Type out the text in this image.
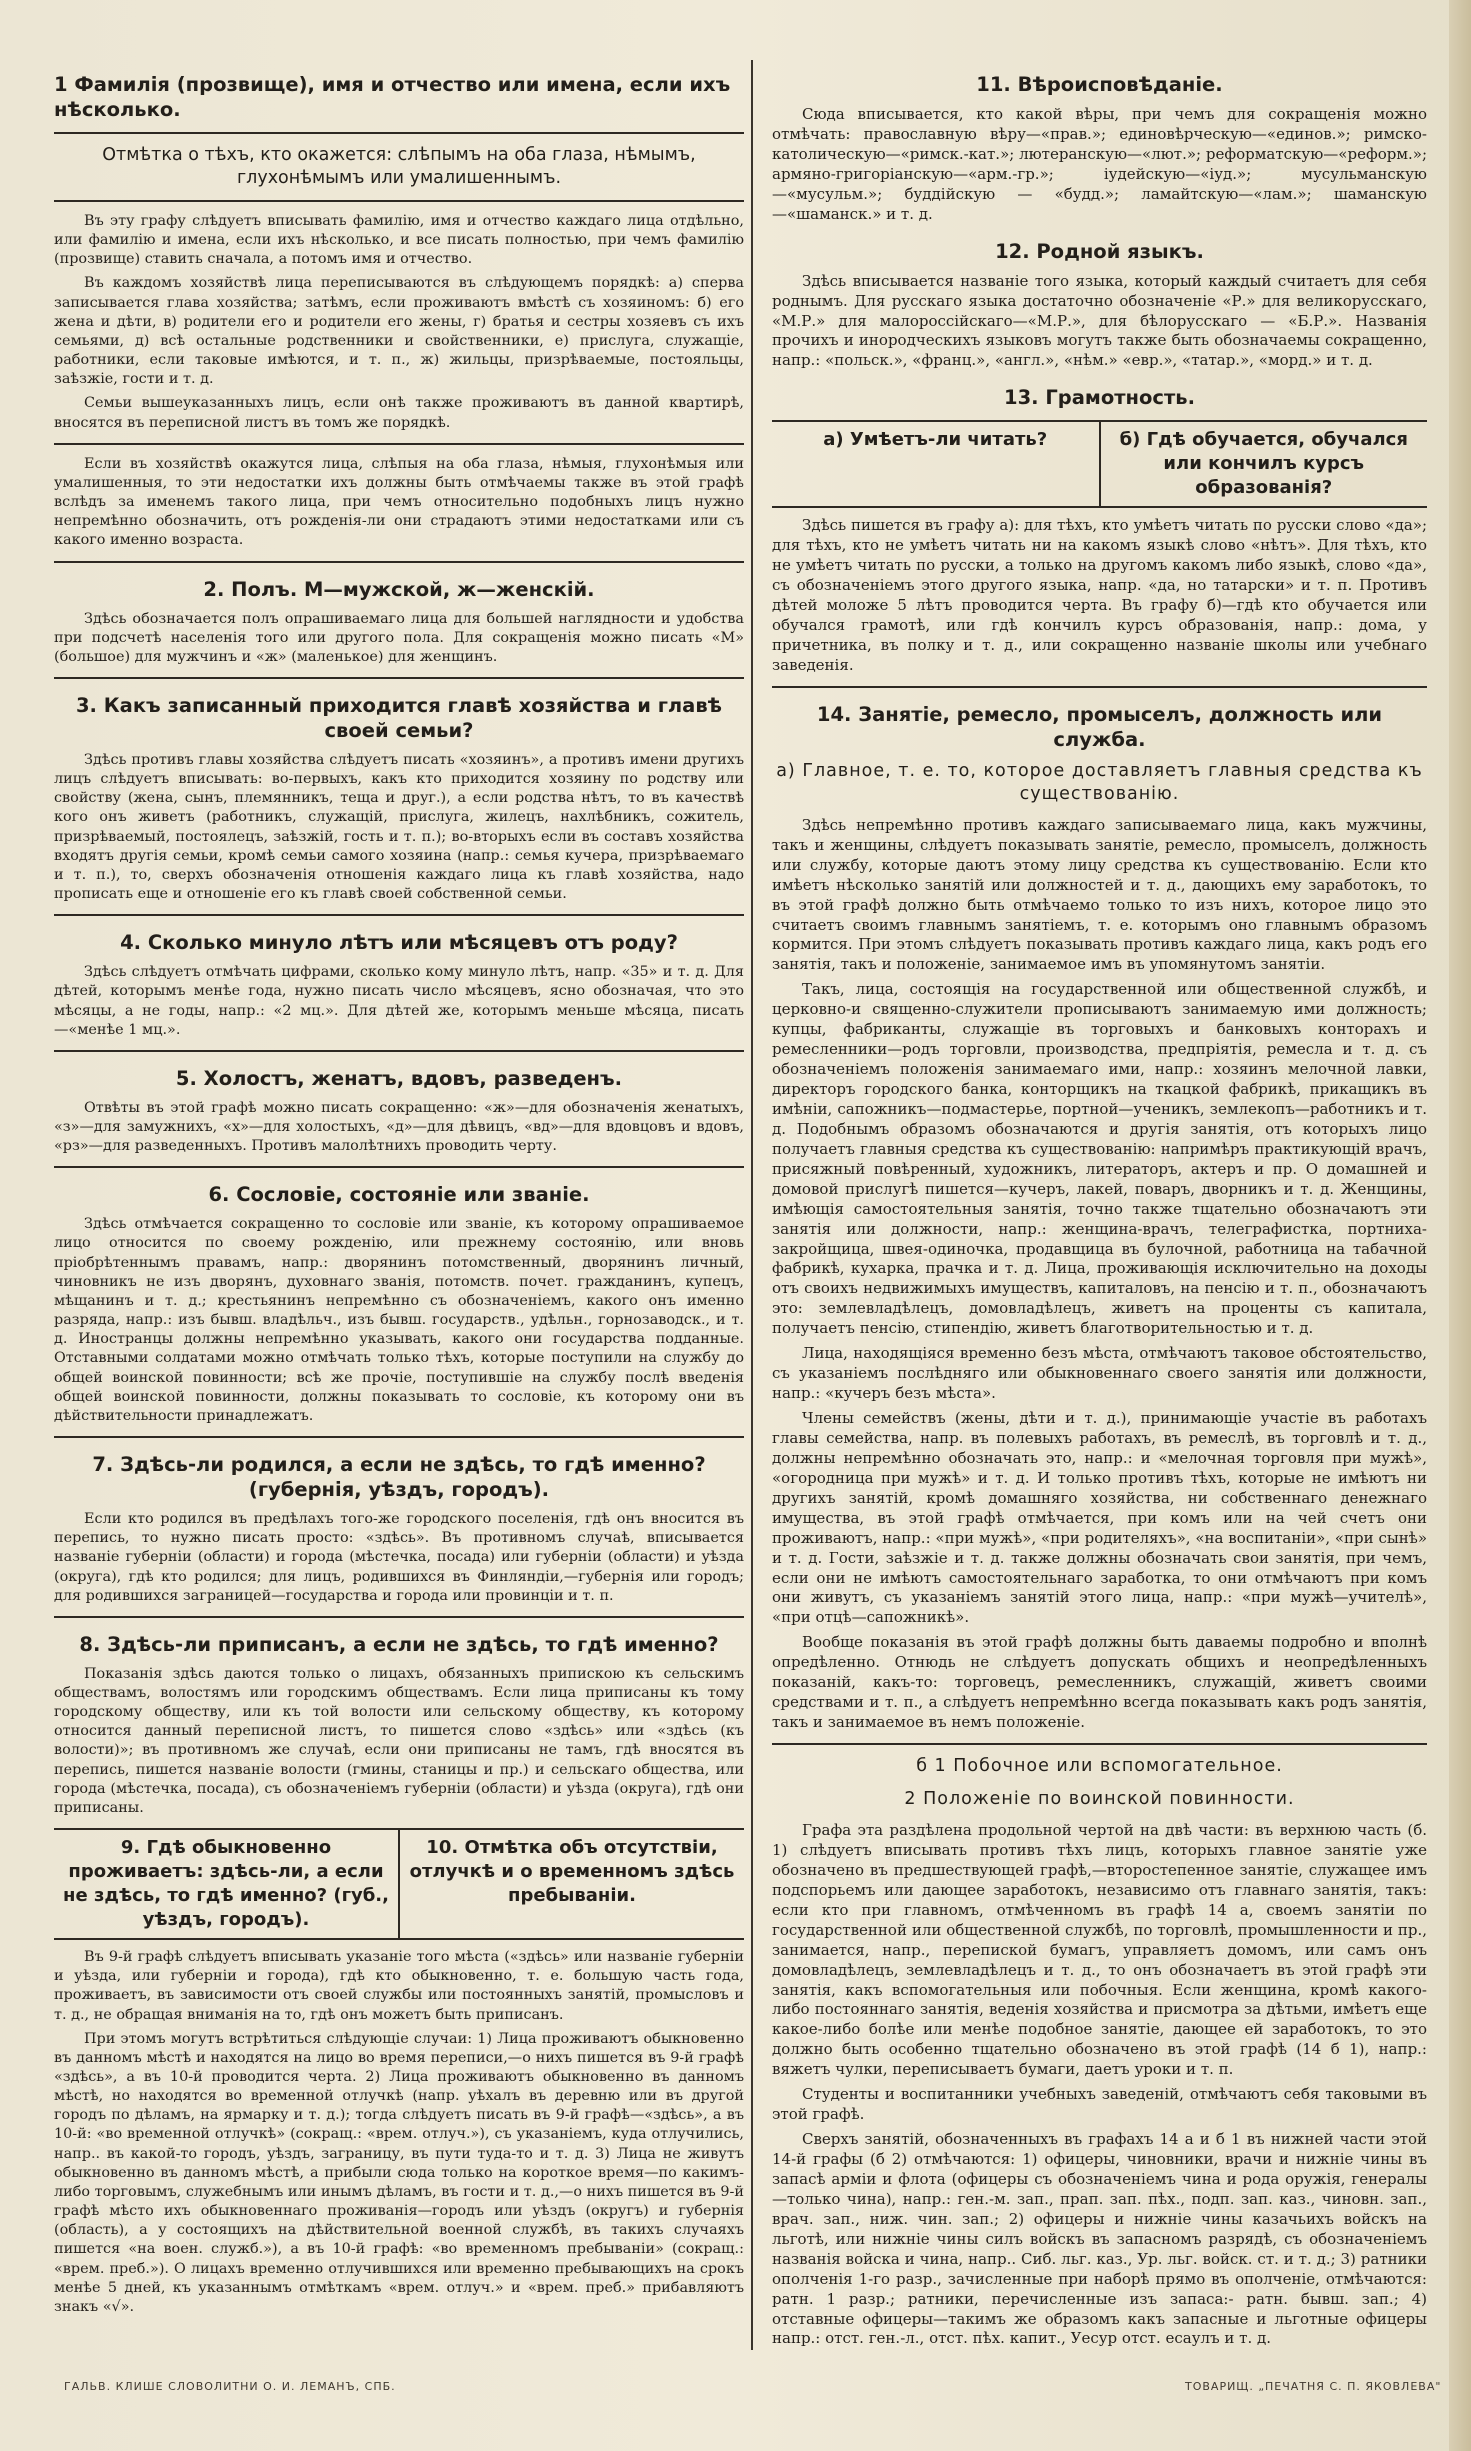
1 Фамилія (прозвище), имя и отчество или имена, если ихъ нѣсколько.
Отмѣтка о тѣхъ, кто окажется: слѣпымъ на оба глаза, нѣмымъ, глухонѣмымъ или умалишеннымъ.

Въ эту графу слѣдуетъ вписывать фамилію, имя и отчество каждаго лица отдѣльно, или фамилію и имена, если ихъ нѣсколько, и все писать полностью, при чемъ фамилію (прозвище) ставить сначала, а потомъ имя и отчество.

Въ каждомъ хозяйствѣ лица переписываются въ слѣдующемъ порядкѣ: а) сперва записывается глава хозяйства; затѣмъ, если проживаютъ вмѣстѣ съ хозяиномъ: б) его жена и дѣти, в) родители его и родители его жены, г) братья и сестры хозяевъ съ ихъ семьями, д) всѣ остальные родственники и свойственники, е) прислуга, служащіе, работники, если таковые имѣются, и т. п., ж) жильцы, призрѣваемые, постояльцы, заѣзжіе, гости и т. д.

Семьи вышеуказанныхъ лицъ, если онѣ также проживаютъ въ данной квартирѣ, вносятся въ переписной листъ въ томъ же порядкѣ.

Если въ хозяйствѣ окажутся лица, слѣпыя на оба глаза, нѣмыя, глухонѣмыя или умалишенныя, то эти недостатки ихъ должны быть отмѣчаемы также въ этой графѣ вслѣдъ за именемъ такого лица, при чемъ относительно подобныхъ лицъ нужно непремѣнно обозначить, отъ рожденія-ли они страдаютъ этими недостатками или съ какого именно возраста.

2. Полъ. М—мужской, ж—женскій.

Здѣсь обозначается полъ опрашиваемаго лица для большей наглядности и удобства при подсчетѣ населенія того или другого пола. Для сокращенія можно писать «М» (большое) для мужчинъ и «ж» (маленькое) для женщинъ.

3. Какъ записанный приходится главѣ хозяйства и главѣ своей семьи?

Здѣсь противъ главы хозяйства слѣдуетъ писать «хозяинъ», а противъ имени другихъ лицъ слѣдуетъ вписывать: во-первыхъ, какъ кто приходится хозяину по родству или свойству (жена, сынъ, племянникъ, теща и друг.), а если родства нѣтъ, то въ качествѣ кого онъ живетъ (работникъ, служащій, прислуга, жилецъ, нахлѣбникъ, сожитель, призрѣваемый, постоялецъ, заѣзжій, гость и т. п.); во-вторыхъ если въ составъ хозяйства входятъ другія семьи, кромѣ семьи самого хозяина (напр.: семья кучера, призрѣваемаго и т. п.), то, сверхъ обозначенія отношенія каждаго лица къ главѣ хозяйства, надо прописать еще и отношеніе его къ главѣ своей собственной семьи.

4. Сколько минуло лѣтъ или мѣсяцевъ отъ роду?

Здѣсь слѣдуетъ отмѣчать цифрами, сколько кому минуло лѣтъ, напр. «35» и т. д. Для дѣтей, которымъ менѣе года, нужно писать число мѣсяцевъ, ясно обозначая, что это мѣсяцы, а не годы, напр.: «2 мц.». Для дѣтей же, которымъ меньше мѣсяца, писать—«менѣе 1 мц.».

5. Холостъ, женатъ, вдовъ, разведенъ.

Отвѣты въ этой графѣ можно писать сокращенно: «ж»—для обозначенія женатыхъ, «з»—для замужнихъ, «х»—для холостыхъ, «д»—для дѣвицъ, «вд»—для вдовцовъ и вдовъ, «рз»—для разведенныхъ. Противъ малолѣтнихъ проводить черту.

6. Сословіе, состояніе или званіе.

Здѣсь отмѣчается сокращенно то сословіе или званіе, къ которому опрашиваемое лицо относится по своему рожденію, или прежнему состоянію, или вновь пріобрѣтеннымъ правамъ, напр.: дворянинъ потомственный, дворянинъ личный, чиновникъ не изъ дворянъ, духовнаго званія, потомств. почет. гражданинъ, купецъ, мѣщанинъ и т. д.; крестьянинъ непремѣнно съ обозначеніемъ, какого онъ именно разряда, напр.: изъ бывш. владѣльч., изъ бывш. государств., удѣльн., горнозаводск., и т. д. Иностранцы должны непремѣнно указывать, какого они государства подданные. Отставными солдатами можно отмѣчать только тѣхъ, которые поступили на службу до общей воинской повинности; всѣ же прочіе, поступившіе на службу послѣ введенія общей воинской повинности, должны показывать то сословіе, къ которому они въ дѣйствительности принадлежатъ.

7. Здѣсь-ли родился, а если не здѣсь, то гдѣ именно? (губернія, уѣздъ, городъ).

Если кто родился въ предѣлахъ того-же городского поселенія, гдѣ онъ вносится въ перепись, то нужно писать просто: «здѣсь». Въ противномъ случаѣ, вписывается названіе губерніи (области) и города (мѣстечка, посада) или губерніи (области) и уѣзда (округа), гдѣ кто родился; для лицъ, родившихся въ Финляндіи,—губернія или городъ; для родившихся заграницей—государства и города или провинціи и т. п.

8. Здѣсь-ли приписанъ, а если не здѣсь, то гдѣ именно?

Показанія здѣсь даются только о лицахъ, обязанныхъ припискою къ сельскимъ обществамъ, волостямъ или городскимъ обществамъ. Если лица приписаны къ тому городскому обществу, или къ той волости или сельскому обществу, къ которому относится данный переписной листъ, то пишется слово «здѣсь» или «здѣсь (къ волости)»; въ противномъ же случаѣ, если они приписаны не тамъ, гдѣ вносятся въ перепись, пишется названіе волости (гмины, станицы и пр.) и сельскаго общества, или города (мѣстечка, посада), съ обозначеніемъ губерніи (области) и уѣзда (округа), гдѣ они приписаны.

9. Гдѣ обыкновенно проживаетъ: здѣсь-ли, а если не здѣсь, то гдѣ именно? (губ., уѣздъ, городъ).
10. Отмѣтка объ отсутствіи, отлучкѣ и о временномъ здѣсь пребываніи.

Въ 9-й графѣ слѣдуетъ вписывать указаніе того мѣста («здѣсь» или названіе губерніи и уѣзда, или губерніи и города), гдѣ кто обыкновенно, т. е. большую часть года, проживаетъ, въ зависимости отъ своей службы или постоянныхъ занятій, промысловъ и т. д., не обращая вниманія на то, гдѣ онъ можетъ быть приписанъ.

При этомъ могутъ встрѣтиться слѣдующіе случаи: 1) Лица проживаютъ обыкновенно въ данномъ мѣстѣ и находятся на лицо во время переписи,—о нихъ пишется въ 9-й графѣ «здѣсь», а въ 10-й проводится черта. 2) Лица проживаютъ обыкновенно въ данномъ мѣстѣ, но находятся во временной отлучкѣ (напр. уѣхалъ въ деревню или въ другой городъ по дѣламъ, на ярмарку и т. д.); тогда слѣдуетъ писать въ 9-й графѣ—«здѣсь», а въ 10-й: «во временной отлучкѣ» (сокращ.: «врем. отлуч.»), съ указаніемъ, куда отлучились, напр.. въ какой-то городъ, уѣздъ, заграницу, въ пути туда-то и т. д. 3) Лица не живутъ обыкновенно въ данномъ мѣстѣ, а прибыли сюда только на короткое время—по какимъ-либо торговымъ, служебнымъ или инымъ дѣламъ, въ гости и т. д.,—о нихъ пишется въ 9-й графѣ мѣсто ихъ обыкновеннаго проживанія—городъ или уѣздъ (округъ) и губернія (область), а у состоящихъ на дѣйствительной военной службѣ, въ такихъ случаяхъ пишется «на воен. служб.»), а въ 10-й графѣ: «во временномъ пребываніи» (сокращ.: «врем. преб.»). О лицахъ временно отлучившихся или временно пребывающихъ на срокъ менѣе 5 дней, къ указаннымъ отмѣткамъ «врем. отлуч.» и «врем. преб.» прибавляютъ знакъ «√».

11. Вѣроисповѣданіе.

Сюда вписывается, кто какой вѣры, при чемъ для сокращенія можно отмѣчать: православную вѣру—«прав.»; единовѣрческую—«единов.»; римско-католическую—«римск.-кат.»; лютеранскую—«лют.»; реформатскую—«реформ.»; армяно-григоріанскую—«арм.-гр.»; іудейскую—«іуд.»; мусульманскую—«мусульм.»; буддійскую — «будд.»; ламайтскую—«лам.»; шаманскую—«шаманск.» и т. д.

12. Родной языкъ.

Здѣсь вписывается названіе того языка, который каждый считаетъ для себя роднымъ. Для русскаго языка достаточно обозначеніе «Р.» для великорусскаго, «М.Р.» для малороссійскаго—«М.Р.», для бѣлорусскаго — «Б.Р.». Названія прочихъ и инородческихъ языковъ могутъ также быть обозначаемы сокращенно, напр.: «польск.», «франц.», «англ.», «нѣм.» «евр.», «татар.», «морд.» и т. д.

13. Грамотность.
а) Умѣетъ-ли читать?	б) Гдѣ обучается, обучался или кончилъ курсъ образованія?

Здѣсь пишется въ графу а): для тѣхъ, кто умѣетъ читать по русски слово «да»; для тѣхъ, кто не умѣетъ читать ни на какомъ языкѣ слово «нѣтъ». Для тѣхъ, кто не умѣетъ читать по русски, а только на другомъ какомъ либо языкѣ, слово «да», съ обозначеніемъ этого другого языка, напр. «да, но татарски» и т. п. Противъ дѣтей моложе 5 лѣтъ проводится черта. Въ графу б)—гдѣ кто обучается или обучался грамотѣ, или гдѣ кончилъ курсъ образованія, напр.: дома, у причетника, въ полку и т. д., или сокращенно названіе школы или учебнаго заведенія.

14. Занятіе, ремесло, промыселъ, должность или служба.
а) Главное, т. е. то, которое доставляетъ главныя средства къ существованію.

Здѣсь непремѣнно противъ каждаго записываемаго лица, какъ мужчины, такъ и женщины, слѣдуетъ показывать занятіе, ремесло, промыселъ, должность или службу, которые даютъ этому лицу средства къ существованію. Если кто имѣетъ нѣсколько занятій или должностей и т. д., дающихъ ему заработокъ, то въ этой графѣ должно быть отмѣчаемо только то изъ нихъ, которое лицо это считаетъ своимъ главнымъ занятіемъ, т. е. которымъ оно главнымъ образомъ кормится. При этомъ слѣдуетъ показывать противъ каждаго лица, какъ родъ его занятія, такъ и положеніе, занимаемое имъ въ упомянутомъ занятіи.

Такъ, лица, состоящія на государственной или общественной службѣ, и церковно-и священно-служители прописываютъ занимаемую ими должность; купцы, фабриканты, служащіе въ торговыхъ и банковыхъ конторахъ и ремесленники—родъ торговли, производства, предпріятія, ремесла и т. д. съ обозначеніемъ положенія занимаемаго ими, напр.: хозяинъ мелочной лавки, директоръ городского банка, конторщикъ на ткацкой фабрикѣ, прикащикъ въ имѣніи, сапожникъ—подмастерье, портной—ученикъ, землекопъ—работникъ и т. д. Подобнымъ образомъ обозначаются и другія занятія, отъ которыхъ лицо получаетъ главныя средства къ существованію: напримѣръ практикующій врачъ, присяжный повѣренный, художникъ, литераторъ, актеръ и пр. О домашней и домовой прислугѣ пишется—кучеръ, лакей, поваръ, дворникъ и т. д. Женщины, имѣющія самостоятельныя занятія, точно также тщательно обозначаютъ эти занятія или должности, напр.: женщина-врачъ, телеграфистка, портниха-закройщица, швея-одиночка, продавщица въ булочной, работница на табачной фабрикѣ, кухарка, прачка и т. д. Лица, проживающія исключительно на доходы отъ своихъ недвижимыхъ имуществъ, капиталовъ, на пенсію и т. п., обозначаютъ это: землевладѣлецъ, домовладѣлецъ, живетъ на проценты съ капитала, получаетъ пенсію, стипендію, живетъ благотворительностью и т. д.

Лица, находящіяся временно безъ мѣста, отмѣчаютъ таковое обстоятельство, съ указаніемъ послѣдняго или обыкновеннаго своего занятія или должности, напр.: «кучеръ безъ мѣста».

Члены семействъ (жены, дѣти и т. д.), принимающіе участіе въ работахъ главы семейства, напр. въ полевыхъ работахъ, въ ремеслѣ, въ торговлѣ и т. д., должны непремѣнно обозначать это, напр.: и «мелочная торговля при мужѣ», «огородница при мужѣ» и т. д. И только противъ тѣхъ, которые не имѣютъ ни другихъ занятій, кромѣ домашняго хозяйства, ни собственнаго денежнаго имущества, въ этой графѣ отмѣчается, при комъ или на чей счетъ они проживаютъ, напр.: «при мужѣ», «при родителяхъ», «на воспитаніи», «при сынѣ» и т. д. Гости, заѣзжіе и т. д. также должны обозначать свои занятія, при чемъ, если они не имѣютъ самостоятельнаго заработка, то они отмѣчаютъ при комъ они живутъ, съ указаніемъ занятій этого лица, напр.: «при мужѣ—учителѣ», «при отцѣ—сапожникѣ».

Вообще показанія въ этой графѣ должны быть даваемы подробно и вполнѣ опредѣленно. Отнюдь не слѣдуетъ допускать общихъ и неопредѣленныхъ показаній, какъ-то: торговецъ, ремесленникъ, служащій, живетъ своими средствами и т. п., а слѣдуетъ непремѣнно всегда показывать какъ родъ занятія, такъ и занимаемое въ немъ положеніе.

б 1 Побочное или вспомогательное.
2 Положеніе по воинской повинности.

Графа эта раздѣлена продольной чертой на двѣ части: въ верхнюю часть (б. 1) слѣдуетъ вписывать противъ тѣхъ лицъ, которыхъ главное занятіе уже обозначено въ предшествующей графѣ,—второстепенное занятіе, служащее имъ подспорьемъ или дающее заработокъ, независимо отъ главнаго занятія, такъ: если кто при главномъ, отмѣченномъ въ графѣ 14 а, своемъ занятіи по государственной или общественной службѣ, по торговлѣ, промышленности и пр., занимается, напр., перепиской бумагъ, управляетъ домомъ, или самъ онъ домовладѣлецъ, землевладѣлецъ и т. д., то онъ обозначаетъ въ этой графѣ эти занятія, какъ вспомогательныя или побочныя. Если женщина, кромѣ какого-либо постояннаго занятія, веденія хозяйства и присмотра за дѣтьми, имѣетъ еще какое-либо болѣе или менѣе подобное занятіе, дающее ей заработокъ, то это должно быть особенно тщательно обозначено въ этой графѣ (14 б 1), напр.: вяжетъ чулки, переписываетъ бумаги, даетъ уроки и т. п.

Студенты и воспитанники учебныхъ заведеній, отмѣчаютъ себя таковыми въ этой графѣ.

Сверхъ занятій, обозначенныхъ въ графахъ 14 а и б 1 въ нижней части этой 14-й графы (б 2) отмѣчаются: 1) офицеры, чиновники, врачи и нижніе чины въ запасѣ арміи и флота (офицеры съ обозначеніемъ чина и рода оружія, генералы—только чина), напр.: ген.-м. зап., прап. зап. пѣх., подп. зап. каз., чиновн. зап., врач. зап., ниж. чин. зап.; 2) офицеры и нижніе чины казачьихъ войскъ на льготѣ, или нижніе чины силъ войскъ въ запасномъ разрядѣ, съ обозначеніемъ названія войска и чина, напр.. Сиб. льг. каз., Ур. льг. войск. ст. и т. д.; 3) ратники ополченія 1-го разр., зачисленные при наборѣ прямо въ ополченіе, отмѣчаются: ратн. 1 разр.; ратники, перечисленные изъ запаса:- ратн. бывш. зап.; 4) отставные офицеры—такимъ же образомъ какъ запасные и льготные офицеры напр.: отст. ген.-л., отст. пѣх. капит., Уесур отст. есаулъ и т. д.

ГАЛЬВ. КЛИШЕ СЛОВОЛИТНИ О. И. ЛЕМАНЪ, СПБ.	ТОВАРИЩ. „ПЕЧАТНЯ С. П. ЯКОВЛЕВА"
